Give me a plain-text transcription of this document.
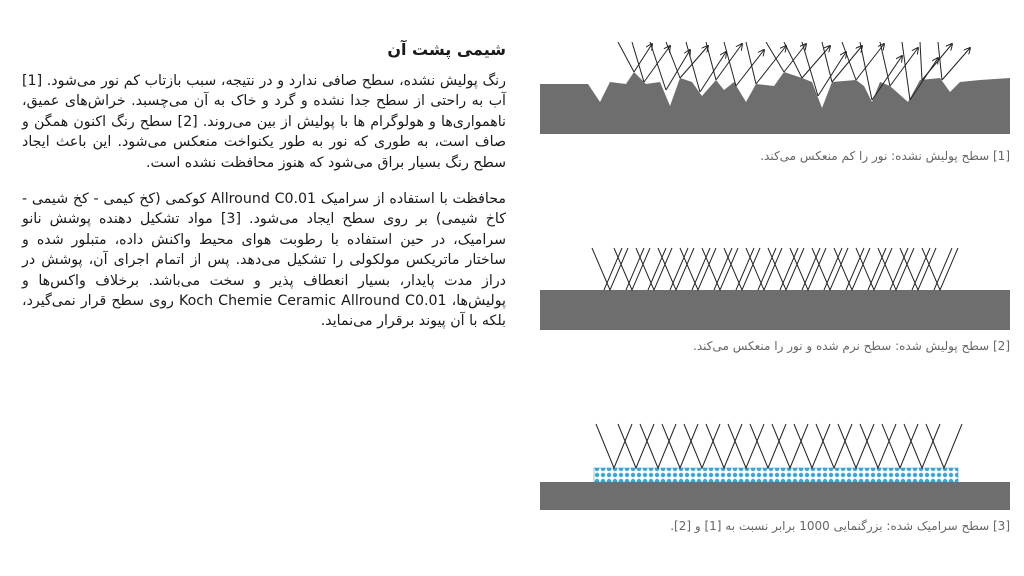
شیمی پشت آن

رنگ پولیش نشده، سطح صافی ندارد و در نتیجه، سبب بازتاب کم نور می‌شود. [1] آب به راحتی از سطح جدا نشده و گرد و خاک به آن می‌چسبد. خراش‌های عمیق، ناهمواری‌ها و هولوگرام ها با پولیش از بین می‌روند. [2] سطح رنگ اکنون همگن و صاف است، به طوری که نور به طور یکنواخت منعکس می‌شود. این باعث ایجاد سطح رنگ بسیار براق می‌شود که هنوز محافظت نشده است.

محافظت با استفاده از سرامیک Allround C0.01 کوکمی (کخ کیمی - کخ شیمی - کاخ شیمی) بر روی سطح ایجاد می‌شود. [3] مواد تشکیل دهنده پوشش نانو سرامیک، در حین استفاده با رطوبت هوای محیط واکنش داده، متبلور شده و ساختار ماتریکس مولکولی را تشکیل می‌دهد. پس از اتمام اجرای آن، پوشش در دراز مدت پایدار، بسیار انعطاف پذیر و سخت می‌باشد. برخلاف واکس‌ها و پولیش‌ها، Koch Chemie Ceramic Allround C0.01 روی سطح قرار نمی‌گیرد، بلکه با آن پیوند برقرار می‌نماید.

[1] سطح پولیش نشده: نور را کم منعکس می‌کند.
[2] سطح پولیش شده: سطح نرم شده و نور را منعکس می‌کند.
[3] سطح سرامیک شده: بزرگنمایی 1000 برابر نسبت به [1] و [2].
